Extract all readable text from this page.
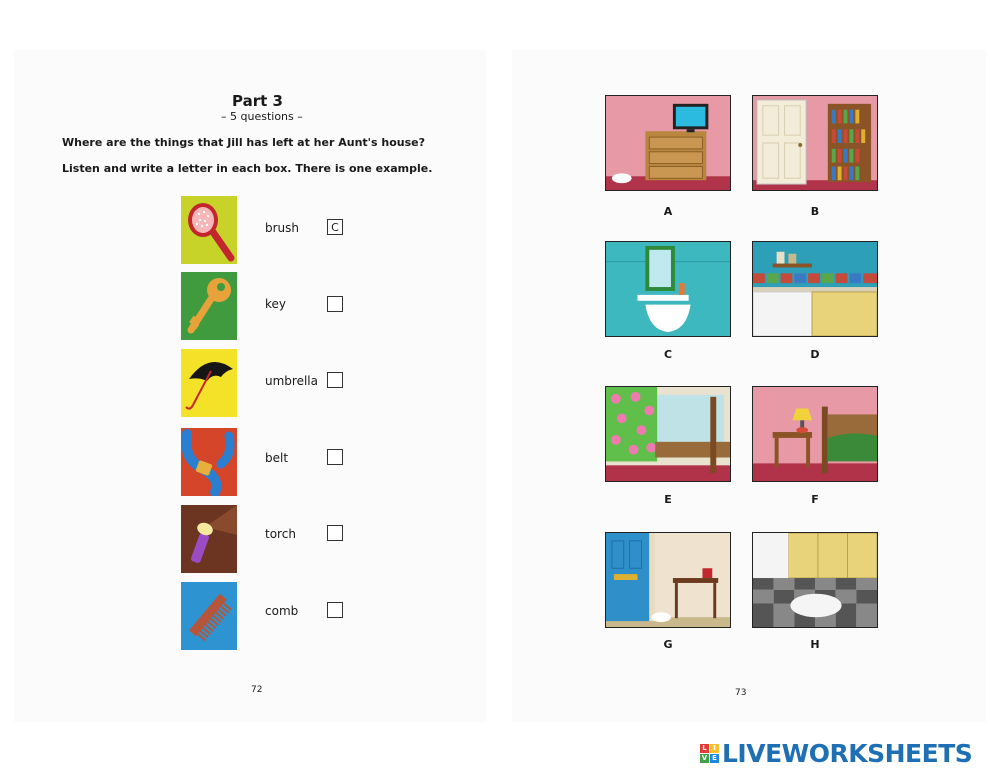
Part 3
– 5 questions –
Where are the things that Jill has left at her Aunt's house?
Listen and write a letter in each box. There is one example.
brush	C
key
umbrella
belt
torch
comb
72
A	B
C	D
E	F
G	H
73
L I
V E LIVEWORKSHEETS
